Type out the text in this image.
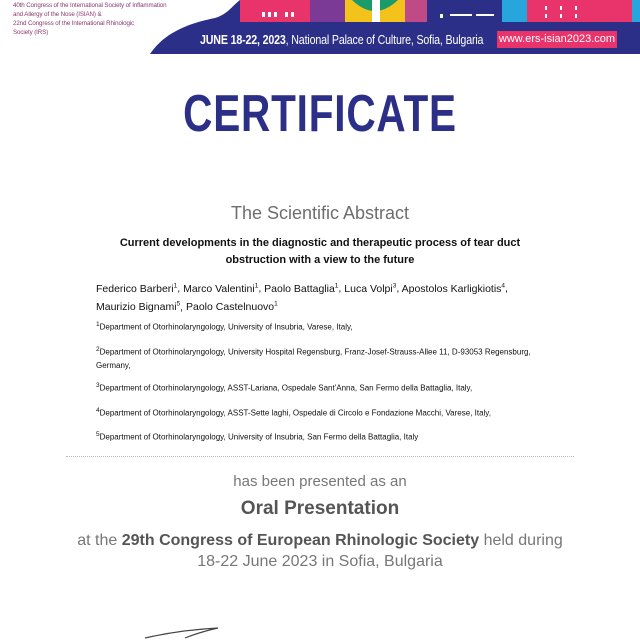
40th Congress of the International Society of Inflammation
and Allergy of the Nose (ISIAN) &
22nd Congress of the International Rhinologic
Society (IRS)	JUNE 18-22, 2023, National Palace of Culture, Sofia, Bulgaria www.ers-isian2023.com
CERTIFICATE
The Scientific Abstract
Current developments in the diagnostic and therapeutic process of tear duct obstruction with a view to the future
Federico Barberi$^1$, Marco Valentini$^1$, Paolo Battaglia$^1$, Luca Volpi$^3$, Apostolos Karligkiotis$^4$, Maurizio Bignami$^5$, Paolo Castelnuovo$^1$
$^1$Department of Otorhinolaryngology, University of Insubria, Varese, Italy,
$^2$Department of Otorhinolaryngology, University Hospital Regensburg, Franz-Josef-Strauss-Allee 11, D-93053 Regensburg, Germany,
$^3$Department of Otorhinolaryngology, ASST-Lariana, Ospedale Sant'Anna, San Fermo della Battaglia, Italy,
$^4$Department of Otorhinolaryngology, ASST-Sette laghi, Ospedale di Circolo e Fondazione Macchi, Varese, Italy,
$^5$Department of Otorhinolaryngology, University of Insubria, San Fermo della Battaglia, Italy
has been presented as an
Oral Presentation
at the 29th Congress of European Rhinologic Society held during
18-22 June 2023 in Sofia, Bulgaria
